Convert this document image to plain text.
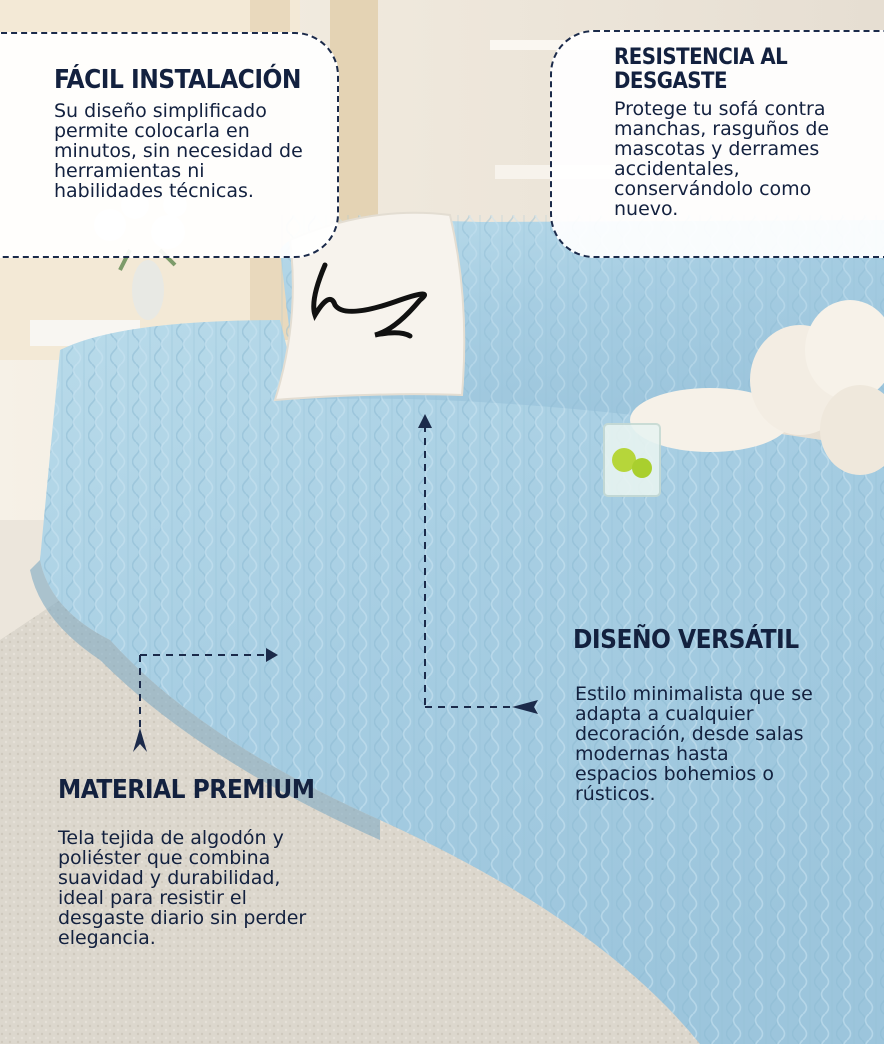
FÁCIL INSTALACIÓN
Su diseño simplificado permite colocarla en minutos, sin necesidad de herramientas ni habilidades técnicas.
RESISTENCIA AL DESGASTE
Protege tu sofá contra manchas, rasguños de mascotas y derrames accidentales, conservándolo como nuevo.
DISEÑO VERSÁTIL
Estilo minimalista que se adapta a cualquier decoración, desde salas modernas hasta espacios bohemios o rústicos.
MATERIAL PREMIUM
Tela tejida de algodón y poliéster que combina suavidad y durabilidad, ideal para resistir el desgaste diario sin perder elegancia.
